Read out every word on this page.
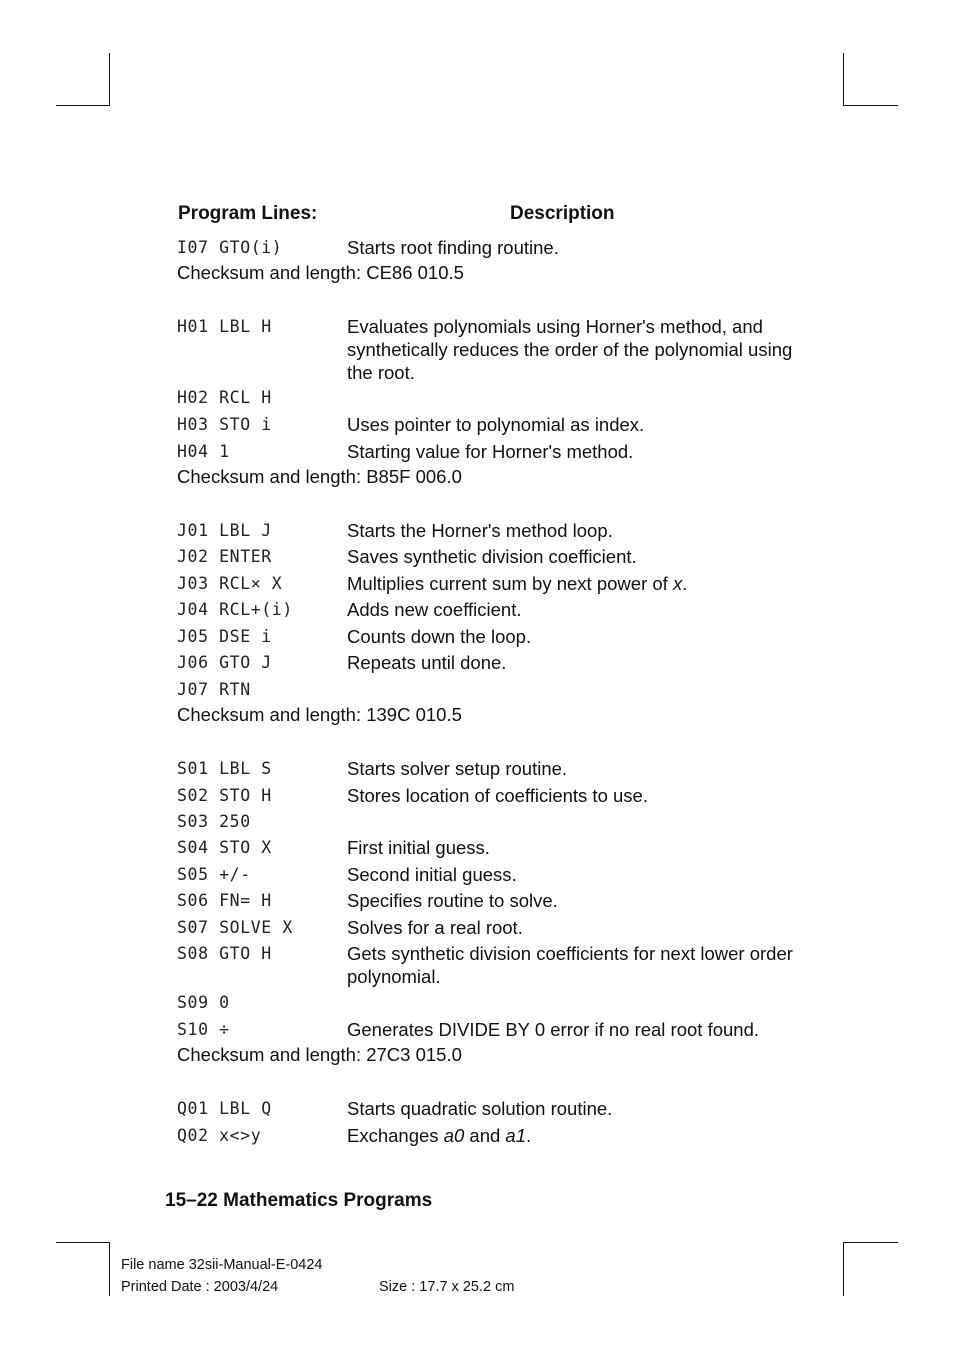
Program Lines:	Description
I07 GTO(i)	Starts root finding routine.
Checksum and length: CE86 010.5
H01 LBL H	Evaluates polynomials using Horner's method, and synthetically reduces the order of the polynomial using the root.
H02 RCL H
H03 STO i	Uses pointer to polynomial as index.
H04 1	Starting value for Horner's method.
Checksum and length: B85F 006.0
J01 LBL J	Starts the Horner's method loop.
J02 ENTER	Saves synthetic division coefficient.
J03 RCL× X	Multiplies current sum by next power of x.
J04 RCL+(i)	Adds new coefficient.
J05 DSE i	Counts down the loop.
J06 GTO J	Repeats until done.
J07 RTN
Checksum and length: 139C 010.5
S01 LBL S	Starts solver setup routine.
S02 STO H	Stores location of coefficients to use.
S03 250
S04 STO X	First initial guess.
S05 +/-	Second initial guess.
S06 FN= H	Specifies routine to solve.
S07 SOLVE X	Solves for a real root.
S08 GTO H	Gets synthetic division coefficients for next lower order polynomial.
S09 0
S10 ÷	Generates DIVIDE BY 0 error if no real root found.
Checksum and length: 27C3 015.0
Q01 LBL Q	Starts quadratic solution routine.
Q02 x<>y	Exchanges a0 and a1.
15–22 Mathematics Programs
File name 32sii-Manual-E-0424
Printed Date : 2003/4/24	Size : 17.7 x 25.2 cm
